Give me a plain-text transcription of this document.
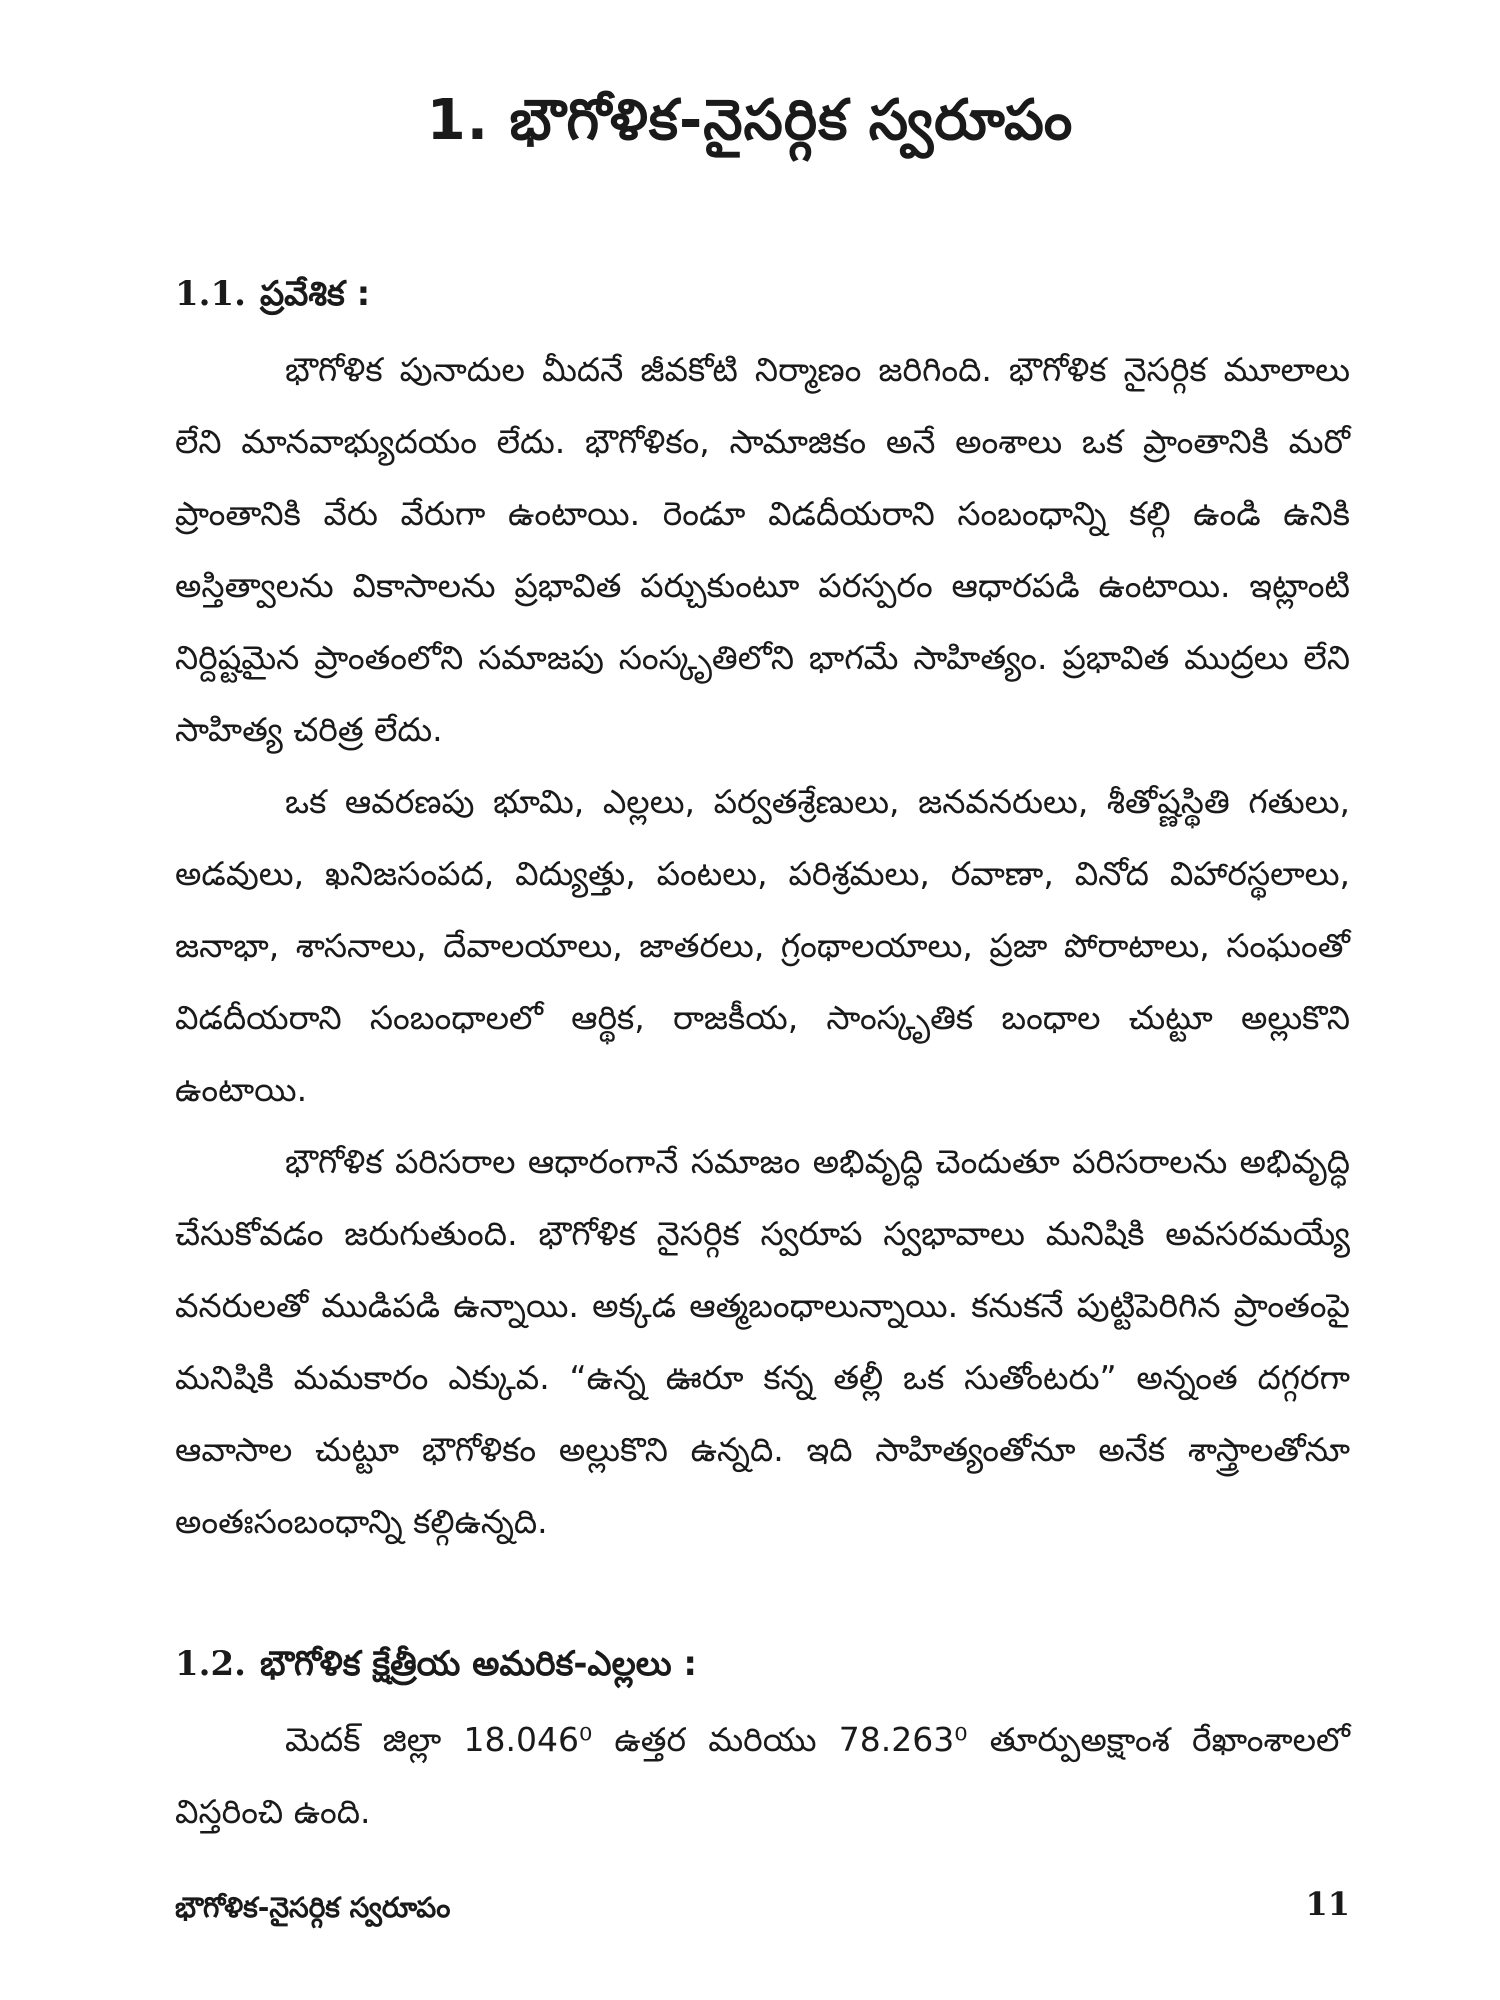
1. భౌగోళిక-నైసర్గిక స్వరూపం
1.1. ప్రవేశిక :

భౌగోళిక పునాదుల మీదనే జీవకోటి నిర్మాణం జరిగింది. భౌగోళిక నైసర్గిక మూలాలు లేని మానవాభ్యుదయం లేదు. భౌగోళికం, సామాజికం అనే అంశాలు ఒక ప్రాంతానికి మరో ప్రాంతానికి వేరు వేరుగా ఉంటాయి. రెండూ విడదీయరాని సంబంధాన్ని కల్గి ఉండి ఉనికి అస్తిత్వాలను వికాసాలను ప్రభావిత పర్చుకుంటూ పరస్పరం ఆధారపడి ఉంటాయి. ఇట్లాంటి నిర్దిష్టమైన ప్రాంతంలోని సమాజపు సంస్కృతిలోని భాగమే సాహిత్యం. ప్రభావిత ముద్రలు లేని సాహిత్య చరిత్ర లేదు.

ఒక ఆవరణపు భూమి, ఎల్లలు, పర్వతశ్రేణులు, జనవనరులు, శీతోష్ణస్థితి గతులు, అడవులు, ఖనిజసంపద, విద్యుత్తు, పంటలు, పరిశ్రమలు, రవాణా, వినోద విహారస్థలాలు, జనాభా, శాసనాలు, దేవాలయాలు, జాతరలు, గ్రంథాలయాలు, ప్రజా పోరాటాలు, సంఘంతో విడదీయరాని సంబంధాలలో ఆర్థిక, రాజకీయ, సాంస్కృతిక బంధాల చుట్టూ అల్లుకొని ఉంటాయి.

భౌగోళిక పరిసరాల ఆధారంగానే సమాజం అభివృద్ధి చెందుతూ పరిసరాలను అభివృద్ధి చేసుకోవడం జరుగుతుంది. భౌగోళిక నైసర్గిక స్వరూప స్వభావాలు మనిషికి అవసరమయ్యే వనరులతో ముడిపడి ఉన్నాయి. అక్కడ ఆత్మబంధాలున్నాయి. కనుకనే పుట్టిపెరిగిన ప్రాంతంపై మనిషికి మమకారం ఎక్కువ. “ఉన్న ఊరూ కన్న తల్లీ ఒక సుతోంటరు” అన్నంత దగ్గరగా ఆవాసాల చుట్టూ భౌగోళికం అల్లుకొని ఉన్నది. ఇది సాహిత్యంతోనూ అనేక శాస్త్రాలతోనూ అంతఃసంబంధాన్ని కల్గిఉన్నది.

1.2. భౌగోళిక క్షేత్రీయ అమరిక-ఎల్లలు :

మెదక్ జిల్లా 18.046⁰ ఉత్తర మరియు 78.263⁰ తూర్పుఅక్షాంశ రేఖాంశాలలో విస్తరించి ఉంది.

భౌగోళిక-నైసర్గిక స్వరూపం	11
